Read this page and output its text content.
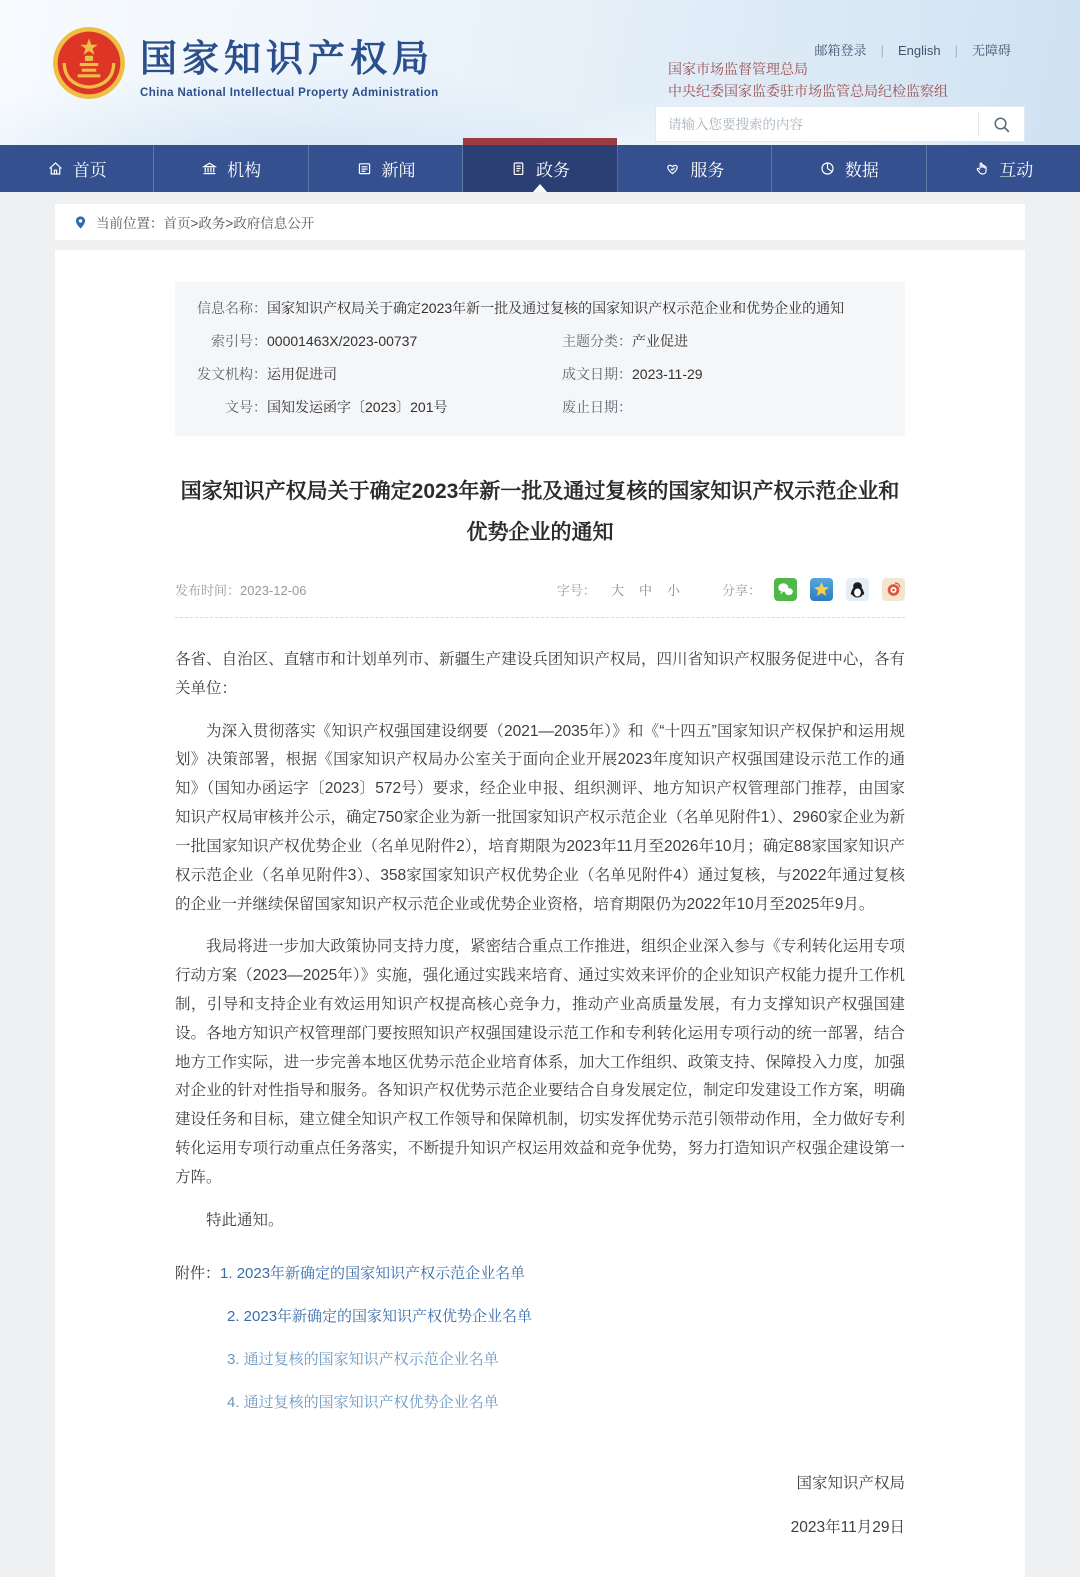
国家知识产权局
China National Intellectual Property Administration
邮箱登录 | English | 无障碍
国家市场监督管理总局
中央纪委国家监委驻市场监管总局纪检监察组
请输入您要搜索的内容
首页	机构	新闻	政务	服务	数据	互动
当前位置： 首页>政务>政府信息公开
信息名称： 国家知识产权局关于确定2023年新一批及通过复核的国家知识产权示范企业和优势企业的通知
索引号： 00001463X/2023-00737	主题分类： 产业促进
发文机构： 运用促进司	成文日期： 2023-11-29
文号： 国知发运函字〔2023〕201号	废止日期：
国家知识产权局关于确定2023年新一批及通过复核的国家知识产权示范企业和优势企业的通知
发布时间：2023-12-06	字号： 大 中 小	分享：

各省、自治区、直辖市和计划单列市、新疆生产建设兵团知识产权局，四川省知识产权服务促进中心，各有关单位：

为深入贯彻落实《知识产权强国建设纲要（2021—2035年）》和《“十四五”国家知识产权保护和运用规划》决策部署，根据《国家知识产权局办公室关于面向企业开展2023年度知识产权强国建设示范工作的通知》（国知办函运字〔2023〕572号）要求，经企业申报、组织测评、地方知识产权管理部门推荐，由国家知识产权局审核并公示，确定750家企业为新一批国家知识产权示范企业（名单见附件1）、2960家企业为新一批国家知识产权优势企业（名单见附件2），培育期限为2023年11月至2026年10月；确定88家国家知识产权示范企业（名单见附件3）、358家国家知识产权优势企业（名单见附件4）通过复核，与2022年通过复核的企业一并继续保留国家知识产权示范企业或优势企业资格，培育期限仍为2022年10月至2025年9月。

我局将进一步加大政策协同支持力度，紧密结合重点工作推进，组织企业深入参与《专利转化运用专项行动方案（2023—2025年）》实施，强化通过实践来培育、通过实效来评价的企业知识产权能力提升工作机制，引导和支持企业有效运用知识产权提高核心竞争力，推动产业高质量发展，有力支撑知识产权强国建设。各地方知识产权管理部门要按照知识产权强国建设示范工作和专利转化运用专项行动的统一部署，结合地方工作实际，进一步完善本地区优势示范企业培育体系，加大工作组织、政策支持、保障投入力度，加强对企业的针对性指导和服务。各知识产权优势示范企业要结合自身发展定位，制定印发建设工作方案，明确建设任务和目标，建立健全知识产权工作领导和保障机制，切实发挥优势示范引领带动作用，全力做好专利转化运用专项行动重点任务落实，不断提升知识产权运用效益和竞争优势，努力打造知识产权强企建设第一方阵。

特此通知。

附件： 1. 2023年新确定的国家知识产权示范企业名单
2. 2023年新确定的国家知识产权优势企业名单
3. 通过复核的国家知识产权示范企业名单
4. 通过复核的国家知识产权优势企业名单
国家知识产权局
2023年11月29日
